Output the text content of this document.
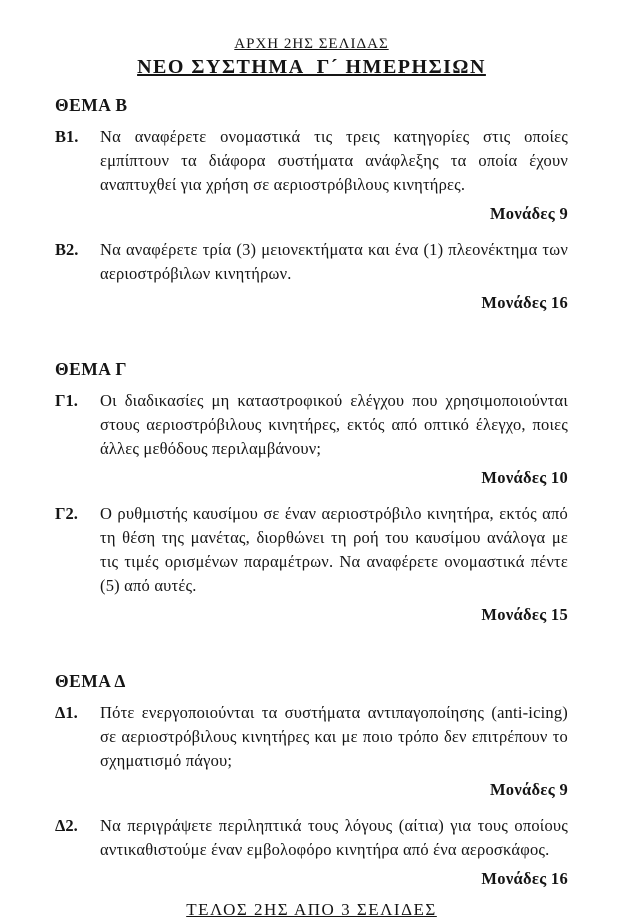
ΑΡΧΗ 2ΗΣ ΣΕΛΙΔΑΣ
ΝΕΟ ΣΥΣΤΗΜΑ  Γ´ ΗΜΕΡΗΣΙΩΝ
ΘΕΜΑ Β
Β1. Να αναφέρετε ονομαστικά τις τρεις κατηγορίες στις οποίες εμπίπτουν τα διάφορα συστήματα ανάφλεξης τα οποία έχουν αναπτυχθεί για χρήση σε αεριοστρόβιλους κινητήρες.
Μονάδες 9
Β2. Να αναφέρετε τρία (3) μειονεκτήματα και ένα (1) πλεονέκτημα των αεριοστρόβιλων κινητήρων.
Μονάδες 16
ΘΕΜΑ Γ
Γ1. Οι διαδικασίες μη καταστροφικού ελέγχου που χρησιμοποιούνται στους αεριοστρόβιλους κινητήρες, εκτός από οπτικό έλεγχο, ποιες άλλες μεθόδους περιλαμβάνουν;
Μονάδες 10
Γ2. Ο ρυθμιστής καυσίμου σε έναν αεριοστρόβιλο κινητήρα, εκτός από τη θέση της μανέτας, διορθώνει τη ροή του καυσίμου ανάλογα με τις τιμές ορισμένων παραμέτρων. Να αναφέρετε ονομαστικά πέντε (5) από αυτές.
Μονάδες 15
ΘΕΜΑ Δ
Δ1. Πότε ενεργοποιούνται τα συστήματα αντιπαγοποίησης (anti-icing) σε αεριοστρόβιλους κινητήρες και με ποιο τρόπο δεν επιτρέπουν το σχηματισμό πάγου;
Μονάδες 9
Δ2. Να περιγράψετε περιληπτικά τους λόγους (αίτια) για τους οποίους αντικαθιστούμε έναν εμβολοφόρο κινητήρα από ένα αεροσκάφος.
Μονάδες 16
ΤΕΛΟΣ 2ΗΣ ΑΠΟ 3 ΣΕΛΙΔΕΣ
